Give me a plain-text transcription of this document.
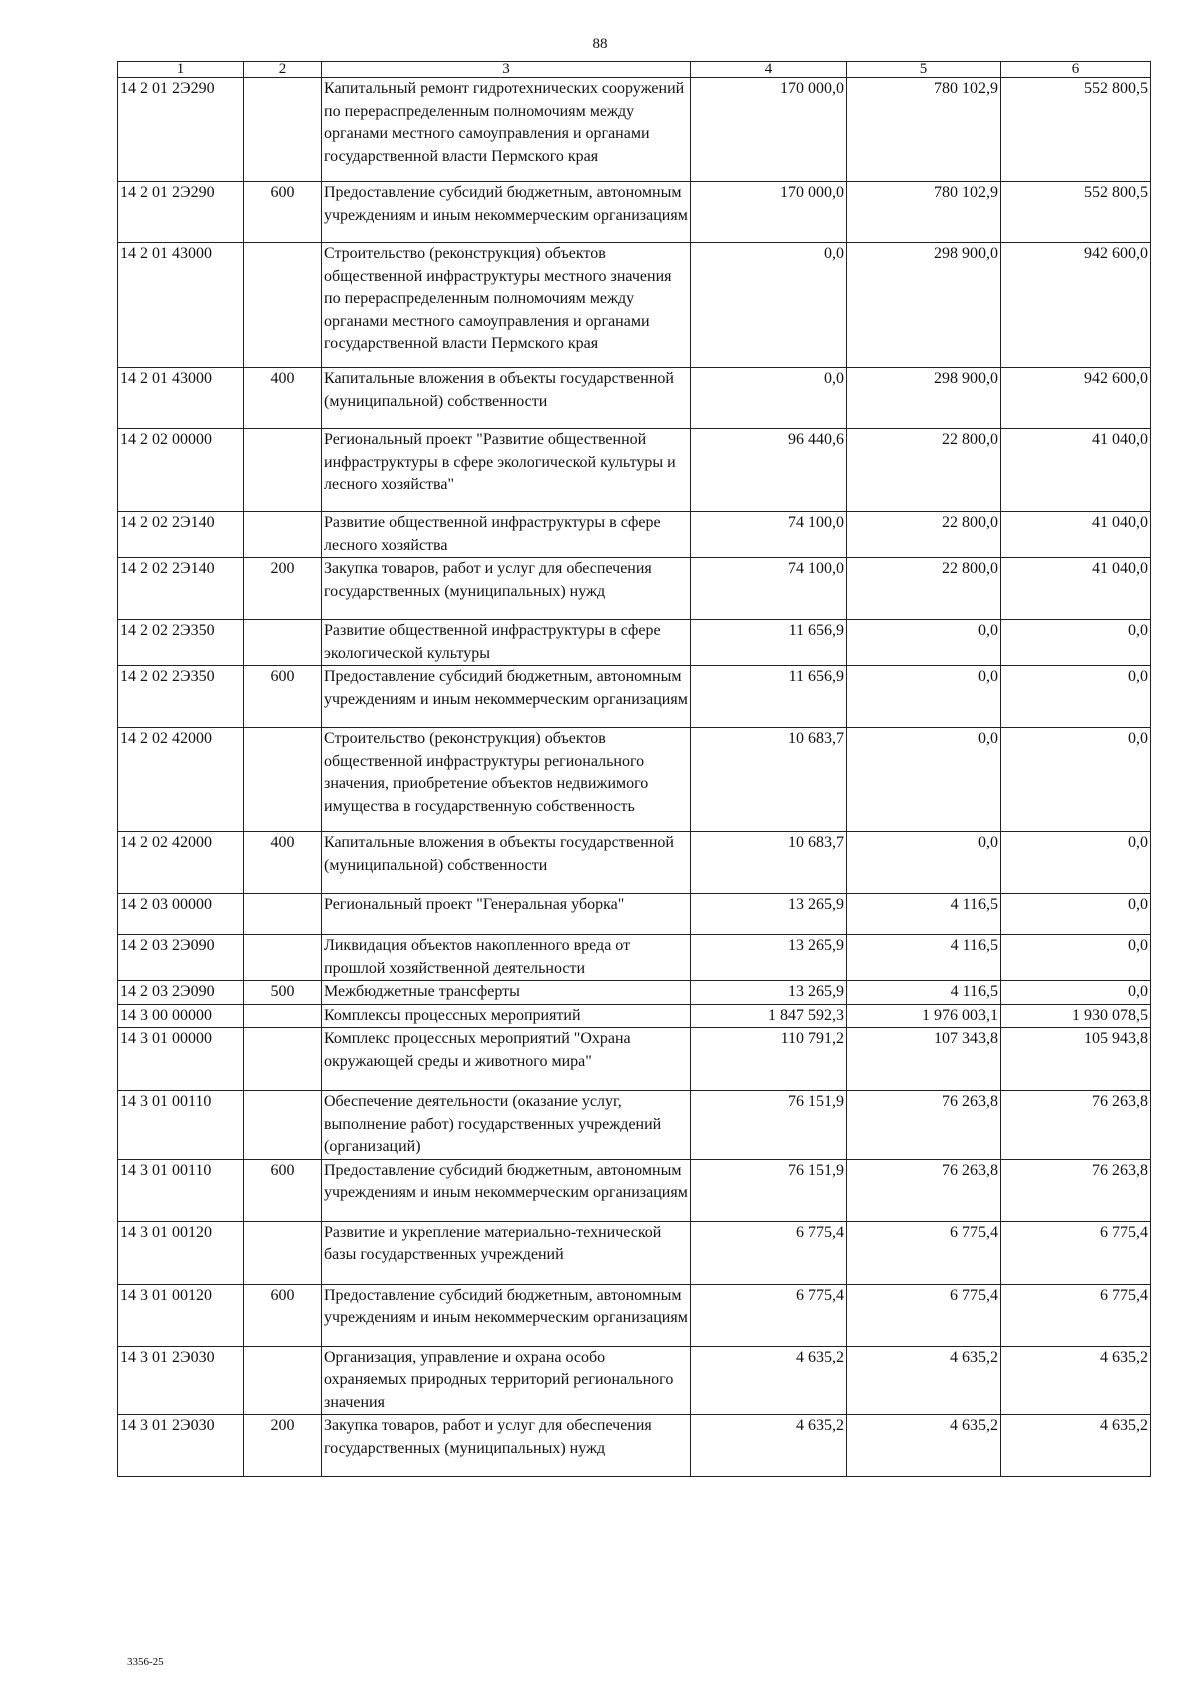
88
1	2	3	4	5	6
14 2 01 2Э290		Капитальный ремонт гидротехнических сооружений по перераспределенным полномочиям между органами местного самоуправления и органами государственной власти Пермского края	170 000,0	780 102,9	552 800,5
14 2 01 2Э290	600	Предоставление субсидий бюджетным, автономным учреждениям и иным некоммерческим организациям	170 000,0	780 102,9	552 800,5
14 2 01 43000		Строительство (реконструкция) объектов общественной инфраструктуры местного значения по перераспределенным полномочиям между органами местного самоуправления и органами государственной власти Пермского края	0,0	298 900,0	942 600,0
14 2 01 43000	400	Капитальные вложения в объекты государственной (муниципальной) собственности	0,0	298 900,0	942 600,0
14 2 02 00000		Региональный проект "Развитие общественной инфраструктуры в сфере экологической культуры и лесного хозяйства"	96 440,6	22 800,0	41 040,0
14 2 02 2Э140		Развитие общественной инфраструктуры в сфере лесного хозяйства	74 100,0	22 800,0	41 040,0
14 2 02 2Э140	200	Закупка товаров, работ и услуг для обеспечения государственных (муниципальных) нужд	74 100,0	22 800,0	41 040,0
14 2 02 2Э350		Развитие общественной инфраструктуры в сфере экологической культуры	11 656,9	0,0	0,0
14 2 02 2Э350	600	Предоставление субсидий бюджетным, автономным учреждениям и иным некоммерческим организациям	11 656,9	0,0	0,0
14 2 02 42000		Строительство (реконструкция) объектов общественной инфраструктуры регионального значения, приобретение объектов недвижимого имущества в государственную собственность	10 683,7	0,0	0,0
14 2 02 42000	400	Капитальные вложения в объекты государственной (муниципальной) собственности	10 683,7	0,0	0,0
14 2 03 00000		Региональный проект "Генеральная уборка"	13 265,9	4 116,5	0,0
14 2 03 2Э090		Ликвидация объектов накопленного вреда от прошлой хозяйственной деятельности	13 265,9	4 116,5	0,0
14 2 03 2Э090	500	Межбюджетные трансферты	13 265,9	4 116,5	0,0
14 3 00 00000		Комплексы процессных мероприятий	1 847 592,3	1 976 003,1	1 930 078,5
14 3 01 00000		Комплекс процессных мероприятий "Охрана окружающей среды и животного мира"	110 791,2	107 343,8	105 943,8
14 3 01 00110		Обеспечение деятельности (оказание услуг, выполнение работ) государственных учреждений (организаций)	76 151,9	76 263,8	76 263,8
14 3 01 00110	600	Предоставление субсидий бюджетным, автономным учреждениям и иным некоммерческим организациям	76 151,9	76 263,8	76 263,8
14 3 01 00120		Развитие и укрепление материально-технической базы государственных учреждений	6 775,4	6 775,4	6 775,4
14 3 01 00120	600	Предоставление субсидий бюджетным, автономным учреждениям и иным некоммерческим организациям	6 775,4	6 775,4	6 775,4
14 3 01 2Э030		Организация, управление и охрана особо охраняемых природных территорий регионального значения	4 635,2	4 635,2	4 635,2
14 3 01 2Э030	200	Закупка товаров, работ и услуг для обеспечения государственных (муниципальных) нужд	4 635,2	4 635,2	4 635,2
3356-25
